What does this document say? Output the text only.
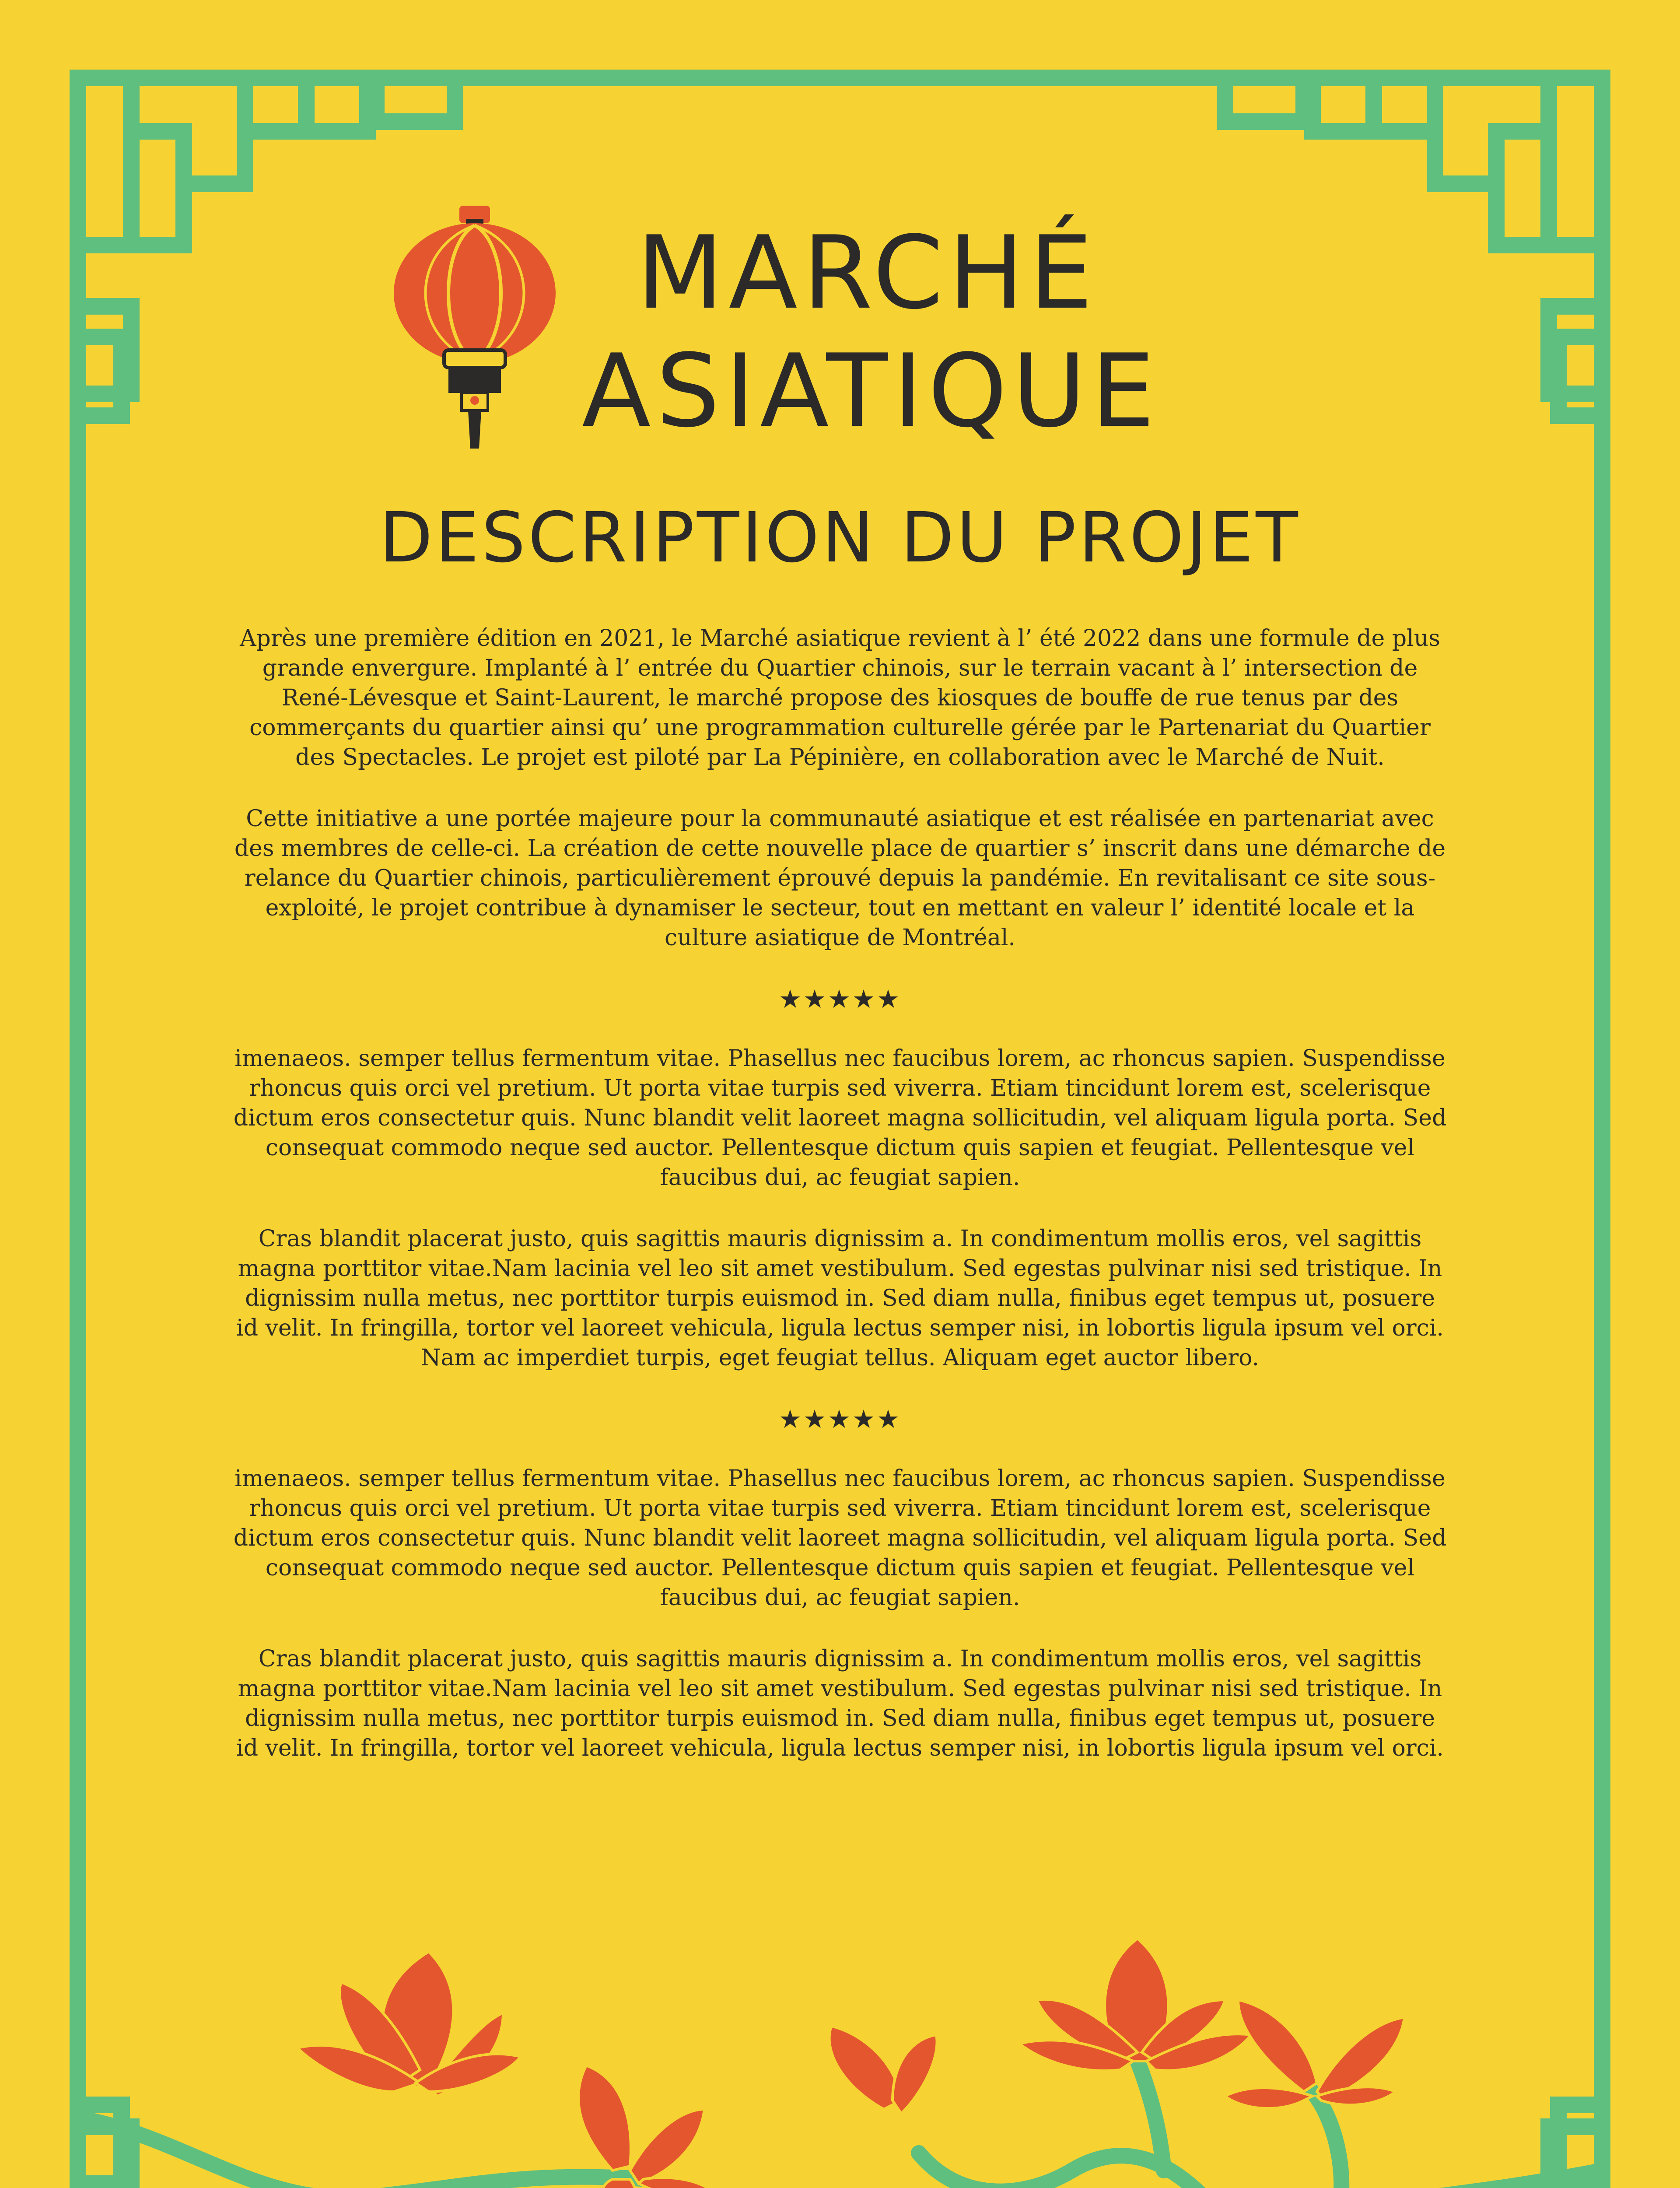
MARCHÉ
ASIATIQUE
DESCRIPTION DU PROJET

Après une première édition en 2021, le Marché asiatique revient à l’ été 2022 dans une formule de plus grande envergure. Implanté à l’ entrée du Quartier chinois, sur le terrain vacant à l’ intersection de René-Lévesque et Saint-Laurent, le marché propose des kiosques de bouffe de rue tenus par des commerçants du quartier ainsi qu’ une programmation culturelle gérée par le Partenariat du Quartier des Spectacles. Le projet est piloté par La Pépinière, en collaboration avec le Marché de Nuit.

Cette initiative a une portée majeure pour la communauté asiatique et est réalisée en partenariat avec des membres de celle-ci. La création de cette nouvelle place de quartier s’ inscrit dans une démarche de relance du Quartier chinois, particulièrement éprouvé depuis la pandémie. En revitalisant ce site sous-exploité, le projet contribue à dynamiser le secteur, tout en mettant en valeur l’ identité locale et la culture asiatique de Montréal.

★★★★★

imenaeos. semper tellus fermentum vitae. Phasellus nec faucibus lorem, ac rhoncus sapien. Suspendisse rhoncus quis orci vel pretium. Ut porta vitae turpis sed viverra. Etiam tincidunt lorem est, scelerisque dictum eros consectetur quis. Nunc blandit velit laoreet magna sollicitudin, vel aliquam ligula porta. Sed consequat commodo neque sed auctor. Pellentesque dictum quis sapien et feugiat. Pellentesque vel faucibus dui, ac feugiat sapien.

Cras blandit placerat justo, quis sagittis mauris dignissim a. In condimentum mollis eros, vel sagittis magna porttitor vitae.Nam lacinia vel leo sit amet vestibulum. Sed egestas pulvinar nisi sed tristique. In dignissim nulla metus, nec porttitor turpis euismod in. Sed diam nulla, finibus eget tempus ut, posuere id velit. In fringilla, tortor vel laoreet vehicula, ligula lectus semper nisi, in lobortis ligula ipsum vel orci. Nam ac imperdiet turpis, eget feugiat tellus. Aliquam eget auctor libero.

★★★★★

imenaeos. semper tellus fermentum vitae. Phasellus nec faucibus lorem, ac rhoncus sapien. Suspendisse rhoncus quis orci vel pretium. Ut porta vitae turpis sed viverra. Etiam tincidunt lorem est, scelerisque dictum eros consectetur quis. Nunc blandit velit laoreet magna sollicitudin, vel aliquam ligula porta. Sed consequat commodo neque sed auctor. Pellentesque dictum quis sapien et feugiat. Pellentesque vel faucibus dui, ac feugiat sapien.

Cras blandit placerat justo, quis sagittis mauris dignissim a. In condimentum mollis eros, vel sagittis magna porttitor vitae.Nam lacinia vel leo sit amet vestibulum. Sed egestas pulvinar nisi sed tristique. In dignissim nulla metus, nec porttitor turpis euismod in. Sed diam nulla, finibus eget tempus ut, posuere id velit. In fringilla, tortor vel laoreet vehicula, ligula lectus semper nisi, in lobortis ligula ipsum vel orci.
